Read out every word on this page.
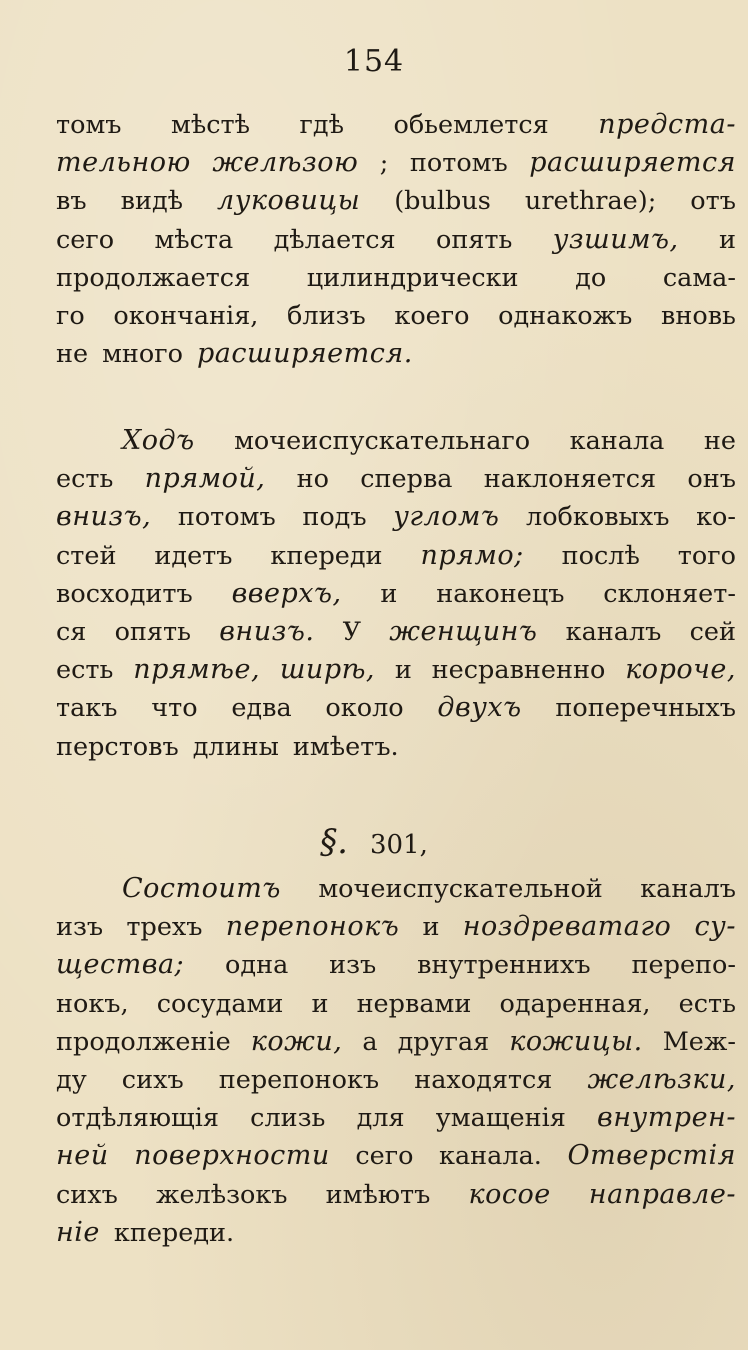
154
томъ мѣстѣ гдѣ обьемлется предста-
тельною желѣзою ; потомъ расширяется
въ видѣ луковицы (bulbus urethrae); отъ
сего мѣста дѣлается опять узшимъ, и
продолжается цилиндрически до сама-
го окончанія, близъ коего однакожъ вновь
не много расширяется.
Ходъ мочеиспускательнаго канала не
есть прямой, но сперва наклоняется онъ
внизъ, потомъ подъ угломъ лобковыхъ ко-
стей идетъ кпереди прямо; послѣ того
восходитъ вверхъ, и наконецъ склоняет-
ся опять внизъ. У женщинъ каналъ сей
есть прямѣе, ширѣ, и несравненно короче,
такъ что едва около двухъ поперечныхъ
перстовъ длины имѣетъ.
§. 301,
Состоитъ мочеиспускательной каналъ
изъ трехъ перепонокъ и ноздреватаго су-
щества; одна изъ внутреннихъ перепо-
нокъ, сосудами и нервами одаренная, есть
продолженіе кожи, а другая кожицы. Меж-
ду сихъ перепонокъ находятся желѣзки,
отдѣляющія слизь для умащенія внутрен-
ней поверхности сего канала. Отверстія
сихъ желѣзокъ имѣютъ косое направле-
ніе кпереди.
